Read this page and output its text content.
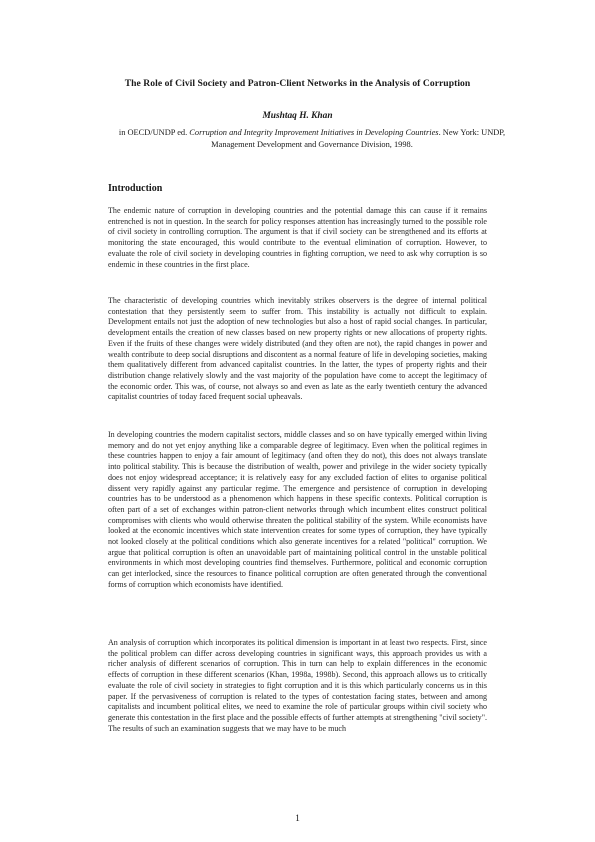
The Role of Civil Society and Patron-Client Networks in the Analysis of Corruption
Mushtaq H. Khan
in OECD/UNDP ed. Corruption and Integrity Improvement Initiatives in Developing Countries. New York: UNDP, Management Development and Governance Division, 1998.
Introduction

The endemic nature of corruption in developing countries and the potential damage this can cause if it remains entrenched is not in question. In the search for policy responses attention has increasingly turned to the possible role of civil society in controlling corruption. The argument is that if civil society can be strengthened and its efforts at monitoring the state encouraged, this would contribute to the eventual elimination of corruption. However, to evaluate the role of civil society in developing countries in fighting corruption, we need to ask why corruption is so endemic in these countries in the first place.

The characteristic of developing countries which inevitably strikes observers is the degree of internal political contestation that they persistently seem to suffer from. This instability is actually not difficult to explain. Development entails not just the adoption of new technologies but also a host of rapid social changes. In particular, development entails the creation of new classes based on new property rights or new allocations of property rights. Even if the fruits of these changes were widely distributed (and they often are not), the rapid changes in power and wealth contribute to deep social disruptions and discontent as a normal feature of life in developing societies, making them qualitatively different from advanced capitalist countries. In the latter, the types of property rights and their distribution change relatively slowly and the vast majority of the population have come to accept the legitimacy of the economic order. This was, of course, not always so and even as late as the early twentieth century the advanced capitalist countries of today faced frequent social upheavals.

In developing countries the modern capitalist sectors, middle classes and so on have typically emerged within living memory and do not yet enjoy anything like a comparable degree of legitimacy. Even when the political regimes in these countries happen to enjoy a fair amount of legitimacy (and often they do not), this does not always translate into political stability. This is because the distribution of wealth, power and privilege in the wider society typically does not enjoy widespread acceptance; it is relatively easy for any excluded faction of elites to organise political dissent very rapidly against any particular regime. The emergence and persistence of corruption in developing countries has to be understood as a phenomenon which happens in these specific contexts. Political corruption is often part of a set of exchanges within patron-client networks through which incumbent elites construct political compromises with clients who would otherwise threaten the political stability of the system. While economists have looked at the economic incentives which state intervention creates for some types of corruption, they have typically not looked closely at the political conditions which also generate incentives for a related "political" corruption. We argue that political corruption is often an unavoidable part of maintaining political control in the unstable political environments in which most developing countries find themselves. Furthermore, political and economic corruption can get interlocked, since the resources to finance political corruption are often generated through the conventional forms of corruption which economists have identified.

An analysis of corruption which incorporates its political dimension is important in at least two respects. First, since the political problem can differ across developing countries in significant ways, this approach provides us with a richer analysis of different scenarios of corruption. This in turn can help to explain differences in the economic effects of corruption in these different scenarios (Khan, 1998a, 1998b). Second, this approach allows us to critically evaluate the role of civil society in strategies to fight corruption and it is this which particularly concerns us in this paper. If the pervasiveness of corruption is related to the types of contestation facing states, between and among capitalists and incumbent political elites, we need to examine the role of particular groups within civil society who generate this contestation in the first place and the possible effects of further attempts at strengthening "civil society". The results of such an examination suggests that we may have to be much

1
